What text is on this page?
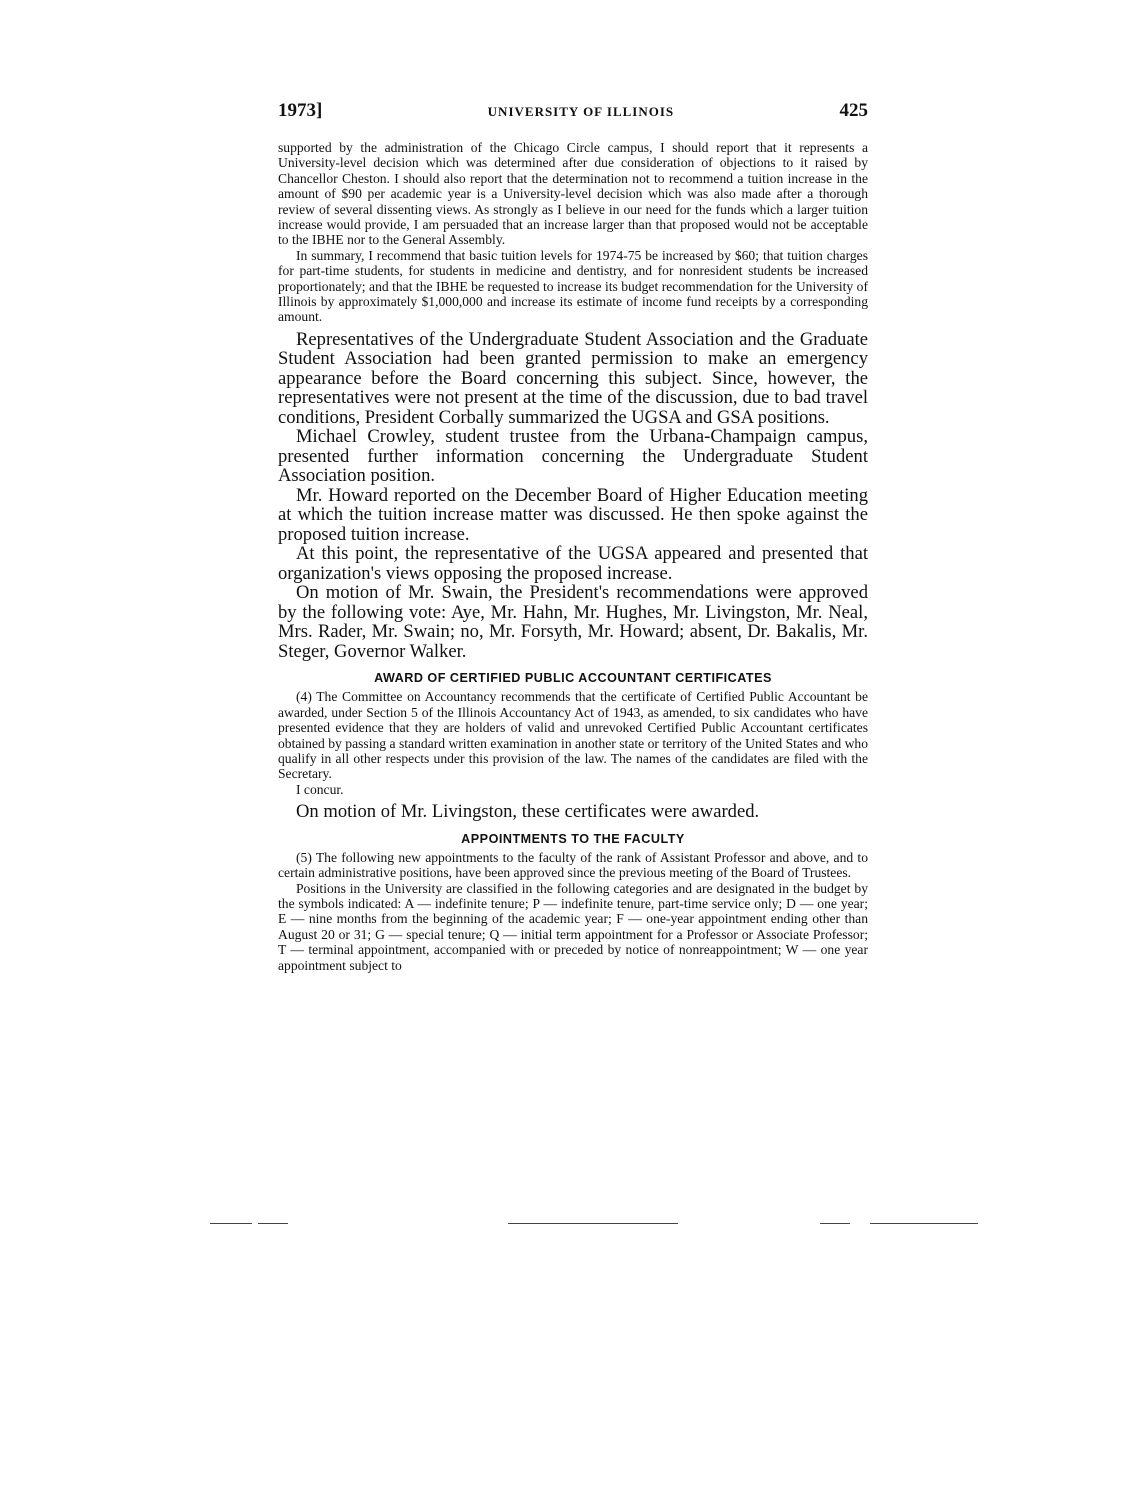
1973]	UNIVERSITY OF ILLINOIS	425

supported by the administration of the Chicago Circle campus, I should report that it represents a University-level decision which was determined after due consideration of objections to it raised by Chancellor Cheston. I should also report that the determination not to recommend a tuition increase in the amount of $90 per academic year is a University-level decision which was also made after a thorough review of several dissenting views. As strongly as I believe in our need for the funds which a larger tuition increase would provide, I am persuaded that an increase larger than that proposed would not be acceptable to the IBHE nor to the General Assembly.

In summary, I recommend that basic tuition levels for 1974-75 be increased by $60; that tuition charges for part-time students, for students in medicine and dentistry, and for nonresident students be increased proportionately; and that the IBHE be requested to increase its budget recommendation for the University of Illinois by approximately $1,000,000 and increase its estimate of income fund receipts by a corresponding amount.

Representatives of the Undergraduate Student Association and the Graduate Student Association had been granted permission to make an emergency appearance before the Board concerning this subject. Since, however, the representatives were not present at the time of the discussion, due to bad travel conditions, President Corbally summarized the UGSA and GSA positions.

Michael Crowley, student trustee from the Urbana-Champaign campus, presented further information concerning the Undergraduate Student Association position.

Mr. Howard reported on the December Board of Higher Education meeting at which the tuition increase matter was discussed. He then spoke against the proposed tuition increase.

At this point, the representative of the UGSA appeared and presented that organization's views opposing the proposed increase.

On motion of Mr. Swain, the President's recommendations were approved by the following vote: Aye, Mr. Hahn, Mr. Hughes, Mr. Livingston, Mr. Neal, Mrs. Rader, Mr. Swain; no, Mr. Forsyth, Mr. Howard; absent, Dr. Bakalis, Mr. Steger, Governor Walker.

AWARD OF CERTIFIED PUBLIC ACCOUNTANT CERTIFICATES

(4) The Committee on Accountancy recommends that the certificate of Certified Public Accountant be awarded, under Section 5 of the Illinois Accountancy Act of 1943, as amended, to six candidates who have presented evidence that they are holders of valid and unrevoked Certified Public Accountant certificates obtained by passing a standard written examination in another state or territory of the United States and who qualify in all other respects under this provision of the law. The names of the candidates are filed with the Secretary.

I concur.

On motion of Mr. Livingston, these certificates were awarded.

APPOINTMENTS TO THE FACULTY

(5) The following new appointments to the faculty of the rank of Assistant Professor and above, and to certain administrative positions, have been approved since the previous meeting of the Board of Trustees.

Positions in the University are classified in the following categories and are designated in the budget by the symbols indicated: A — indefinite tenure; P — indefinite tenure, part-time service only; D — one year; E — nine months from the beginning of the academic year; F — one-year appointment ending other than August 20 or 31; G — special tenure; Q — initial term appointment for a Professor or Associate Professor; T — terminal appointment, accompanied with or preceded by notice of nonreappointment; W — one year appointment subject to
